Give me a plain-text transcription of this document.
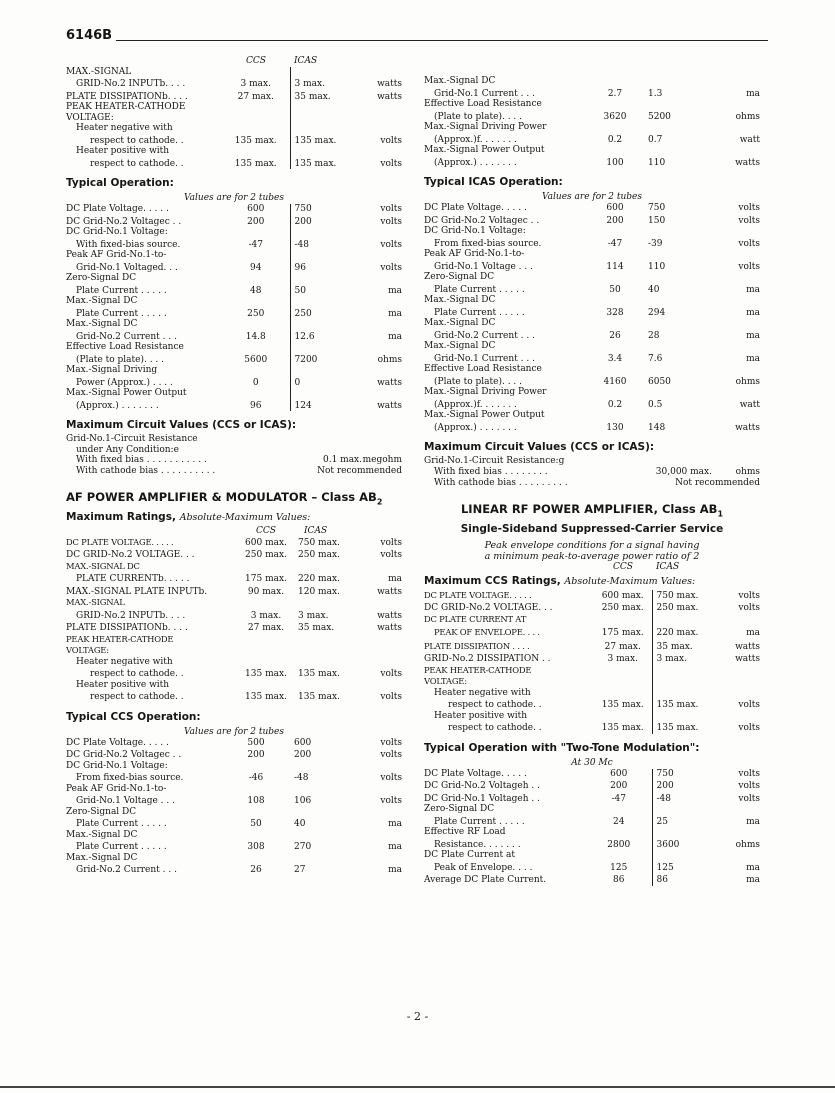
6146B
	CCS	ICAS	
MAX.-SIGNAL			
GRID-No.2 INPUTb. . . .	3 max.	3 max.	watts
PLATE DISSIPATIONb. . . .	27 max.	35 max.	watts
PEAK HEATER-CATHODE			
VOLTAGE:			
Heater negative with			
respect to cathode. .	135 max.	135 max.	volts
Heater positive with			
respect to cathode. .	135 max.	135 max.	volts
Typical Operation:
Values are for 2 tubes
DC Plate Voltage. . . . .	600	750	volts
DC Grid-No.2 Voltagec . .	200	200	volts
DC Grid-No.1 Voltage:			
With fixed-bias source.	-47	-48	volts
Peak AF Grid-No.1-to-			
Grid-No.1 Voltaged. . .	94	96	volts
Zero-Signal DC			
Plate Current . . . . .	48	50	ma
Max.-Signal DC			
Plate Current . . . . .	250	250	ma
Max.-Signal DC			
Grid-No.2 Current . . .	14.8	12.6	ma
Effective Load Resistance			
(Plate to plate). . . .	5600	7200	ohms
Max.-Signal Driving			
Power (Approx.) . . . .	0	0	watts
Max.-Signal Power Output			
(Approx.) . . . . . . .	96	124	watts
Maximum Circuit Values (CCS or ICAS):
Grid-No.1-Circuit Resistance
under Any Condition:e
With fixed bias . . . . . . . . . . .	0.1 max.	megohm
With cathode bias . . . . . . . . . .	Not recommended	
AF POWER AMPLIFIER & MODULATOR – Class $AB_2$
Maximum Ratings, Absolute-Maximum Values:
	CCS	ICAS	
DC PLATE VOLTAGE. . . . .	600 max.	750 max.	volts
DC GRID-No.2 VOLTAGE. . .	250 max.	250 max.	volts
MAX.-SIGNAL DC			
PLATE CURRENTb. . . . .	175 max.	220 max.	ma
MAX.-SIGNAL PLATE INPUTb.	90 max.	120 max.	watts
MAX.-SIGNAL			
GRID-No.2 INPUTb. . . .	3 max.	3 max.	watts
PLATE DISSIPATIONb. . . .	27 max.	35 max.	watts
PEAK HEATER-CATHODE			
VOLTAGE:			
Heater negative with			
respect to cathode. .	135 max.	135 max.	volts
Heater positive with			
respect to cathode. .	135 max.	135 max.	volts
Typical CCS Operation:
Values are for 2 tubes
DC Plate Voltage. . . . .	500	600	volts
DC Grid-No.2 Voltagec . .	200	200	volts
DC Grid-No.1 Voltage:			
From fixed-bias source.	-46	-48	volts
Peak AF Grid-No.1-to-			
Grid-No.1 Voltage . . .	108	106	volts
Zero-Signal DC			
Plate Current . . . . .	50	40	ma
Max.-Signal DC			
Plate Current . . . . .	308	270	ma
Max.-Signal DC			
Grid-No.2 Current . . .	26	27	ma
Max.-Signal DC			
Grid-No.1 Current . . .	2.7	1.3	ma
Effective Load Resistance			
(Plate to plate). . . .	3620	5200	ohms
Max.-Signal Driving Power			
(Approx.)f. . . . . . .	0.2	0.7	watt
Max.-Signal Power Output			
(Approx.) . . . . . . .	100	110	watts
Typical ICAS Operation:
Values are for 2 tubes
DC Plate Voltage. . . . .	600	750	volts
DC Grid-No.2 Voltagec . .	200	150	volts
DC Grid-No.1 Voltage:			
From fixed-bias source.	-47	-39	volts
Peak AF Grid-No.1-to-			
Grid-No.1 Voltage . . .	114	110	volts
Zero-Signal DC			
Plate Current . . . . .	50	40	ma
Max.-Signal DC			
Plate Current . . . . .	328	294	ma
Max.-Signal DC			
Grid-No.2 Current . . .	26	28	ma
Max.-Signal DC			
Grid-No.1 Current . . .	3.4	7.6	ma
Effective Load Resistance			
(Plate to plate). . . .	4160	6050	ohms
Max.-Signal Driving Power			
(Approx.)f. . . . . . .	0.2	0.5	watt
Max.-Signal Power Output			
(Approx.) . . . . . . .	130	148	watts
Maximum Circuit Values (CCS or ICAS):
Grid-No.1-Circuit Resistance:g
With fixed bias . . . . . . . .	30,000 max.	ohms
With cathode bias . . . . . . . . .	Not recommended	
LINEAR RF POWER AMPLIFIER, Class $AB_1$
Single-Sideband Suppressed-Carrier Service
Peak envelope conditions for a signal having
a minimum peak-to-average power ratio of 2
	CCS	ICAS	
Maximum CCS Ratings, Absolute-Maximum Values:
DC PLATE VOLTAGE. . . . .	600 max.	750 max.	volts
DC GRID-No.2 VOLTAGE. . .	250 max.	250 max.	volts
DC PLATE CURRENT AT			
PEAK OF ENVELOPE. . . .	175 max.	220 max.	ma
PLATE DISSIPATION . . . .	27 max.	35 max.	watts
GRID-No.2 DISSIPATION . .	3 max.	3 max.	watts
PEAK HEATER-CATHODE			
VOLTAGE:			
Heater negative with			
respect to cathode. .	135 max.	135 max.	volts
Heater positive with			
respect to cathode. .	135 max.	135 max.	volts
Typical Operation with "Two-Tone Modulation":
At 30 Mc
DC Plate Voltage. . . . .	600	750	volts
DC Grid-No.2 Voltageh . .	200	200	volts
DC Grid-No.1 Voltageh . .	-47	-48	volts
Zero-Signal DC			
Plate Current . . . . .	24	25	ma
Effective RF Load			
Resistance. . . . . . .	2800	3600	ohms
DC Plate Current at			
Peak of Envelope. . . .	125	125	ma
Average DC Plate Current.	86	86	ma
- 2 -
